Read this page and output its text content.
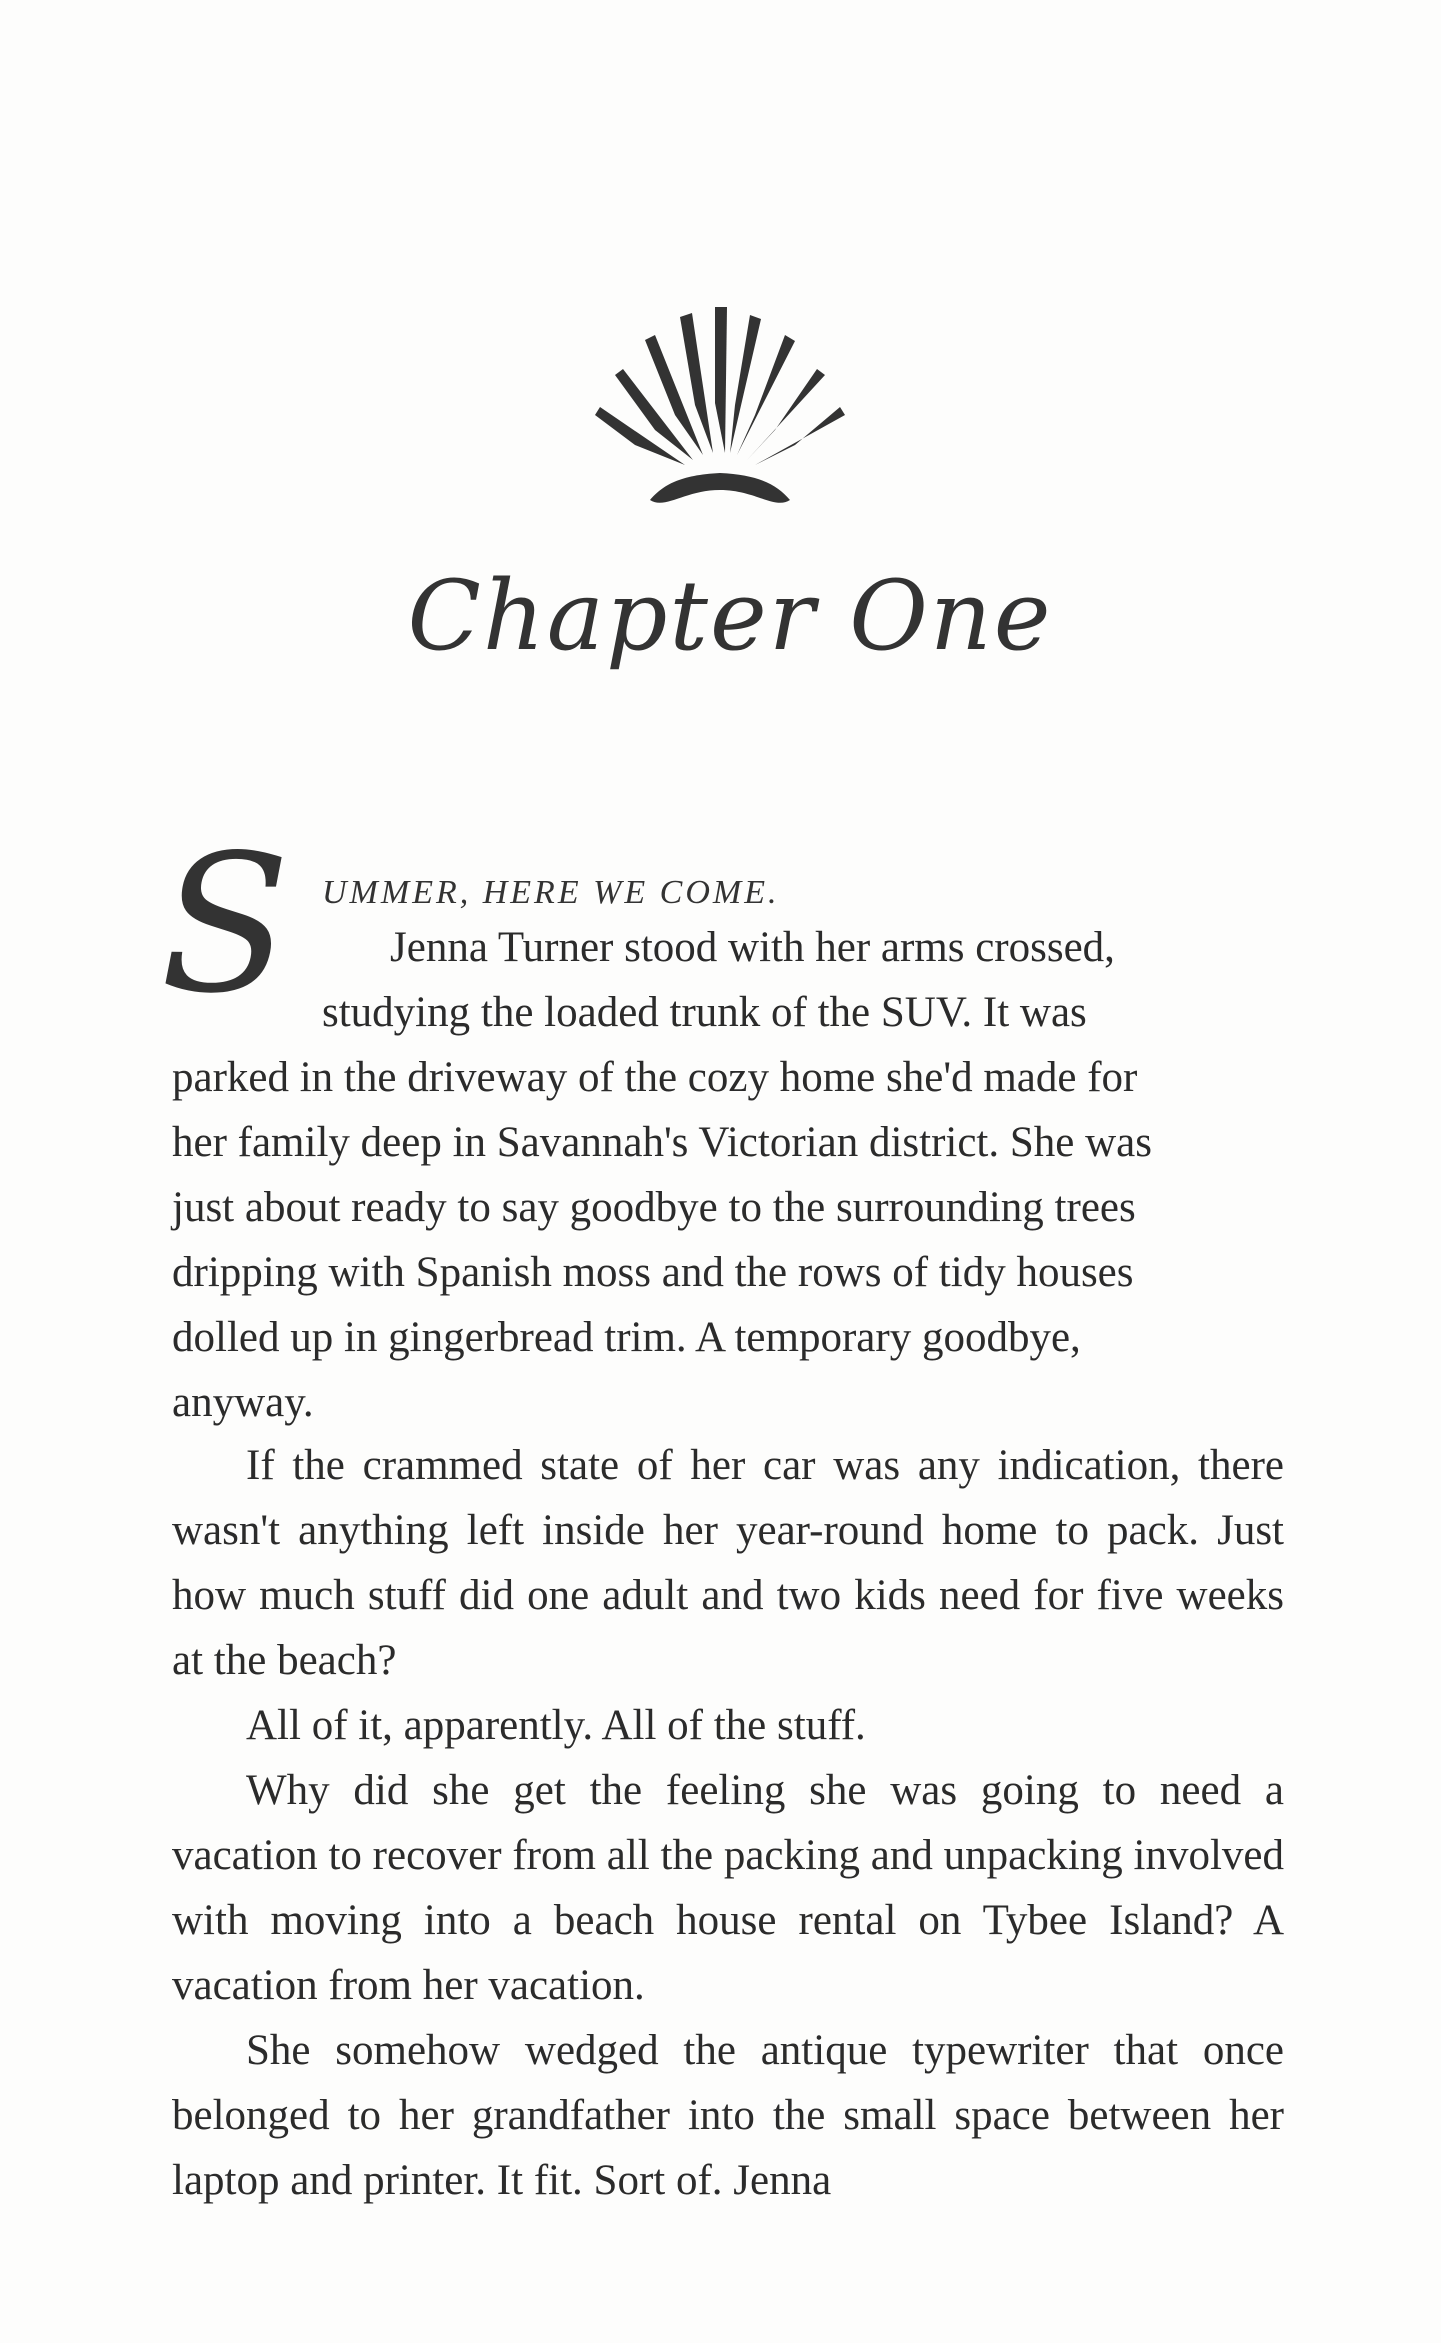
Chapter One
S UMMER, HERE WE COME.
Jenna Turner stood with her arms crossed,
studying the loaded trunk of the SUV. It was
parked in the driveway of the cozy home she'd made for
her family deep in Savannah's Victorian district. She was
just about ready to say goodbye to the surrounding trees
dripping with Spanish moss and the rows of tidy houses
dolled up in gingerbread trim. A temporary goodbye,
anyway.

If the crammed state of her car was any indication, there wasn't anything left inside her year-round home to pack. Just how much stuff did one adult and two kids need for five weeks at the beach?

All of it, apparently. All of the stuff.

Why did she get the feeling she was going to need a vacation to recover from all the packing and unpacking involved with moving into a beach house rental on Tybee Island? A vacation from her vacation.

She somehow wedged the antique typewriter that once belonged to her grandfather into the small space between her laptop and printer. It fit. Sort of. Jenna
